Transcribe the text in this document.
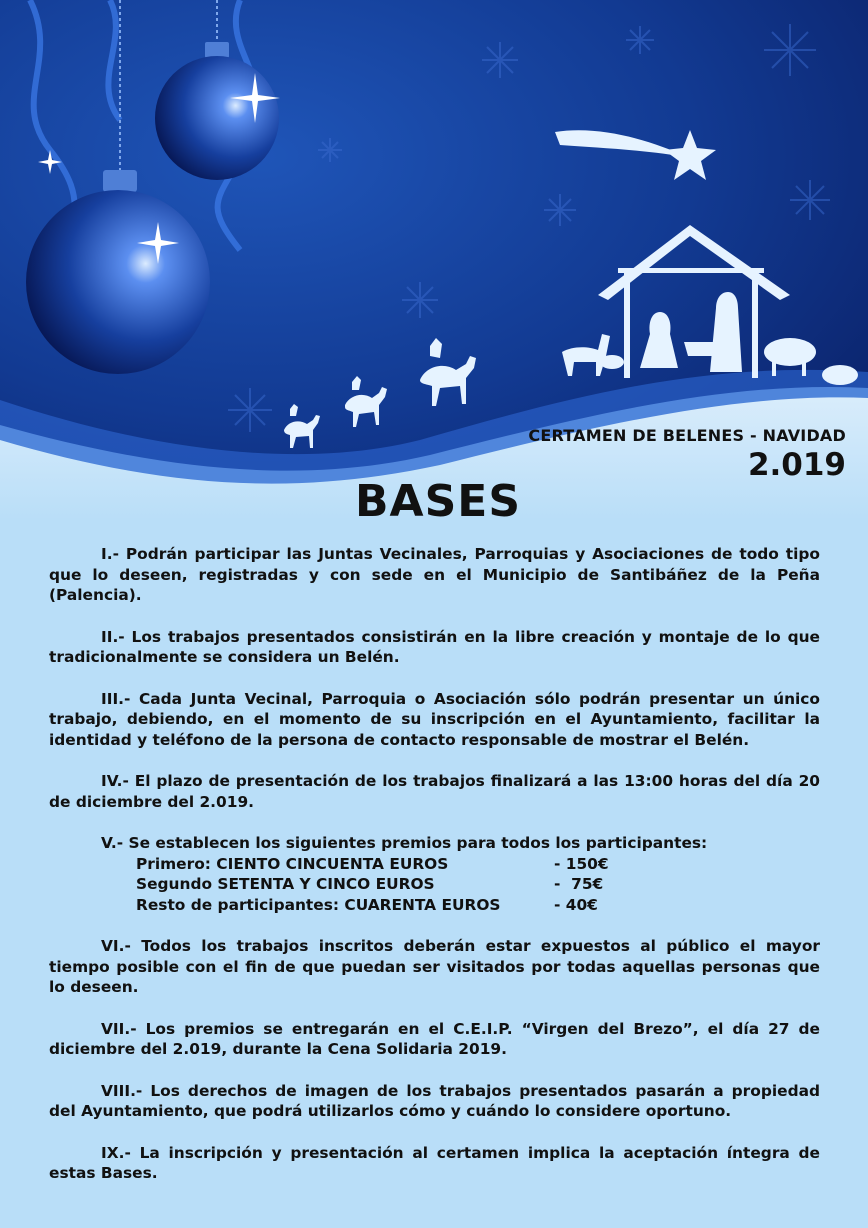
CERTAMEN DE BELENES - NAVIDAD
2.019
BASES

I.- Podrán participar las Juntas Vecinales, Parroquias y Asociaciones de todo tipo que lo deseen, registradas y con sede en el Municipio de Santibáñez de la Peña (Palencia).

II.- Los trabajos presentados consistirán en la libre creación y montaje de lo que tradicionalmente se considera un Belén.

III.- Cada Junta Vecinal, Parroquia o Asociación sólo podrán presentar un único trabajo, debiendo, en el momento de su inscripción en el Ayuntamiento, facilitar la identidad y teléfono de la persona de contacto responsable de mostrar el Belén.

IV.- El plazo de presentación de los trabajos finalizará a las 13:00 horas del día 20 de diciembre del 2.019.

V.- Se establecen los siguientes premios para todos los participantes:
Primero: CIENTO CINCUENTA EUROS	- 150€
Segundo SETENTA Y CINCO EUROS	-  75€
Resto de participantes: CUARENTA EUROS	- 40€

VI.- Todos los trabajos inscritos deberán estar expuestos al público el mayor tiempo posible con el fin de que puedan ser visitados por todas aquellas personas que lo deseen.

VII.- Los premios se entregarán en el C.E.I.P. “Virgen del Brezo”, el día 27 de diciembre del 2.019, durante la Cena Solidaria 2019.

VIII.- Los derechos de imagen de los trabajos presentados pasarán a propiedad del Ayuntamiento, que podrá utilizarlos cómo y cuándo lo considere oportuno.

IX.- La inscripción y presentación al certamen implica la aceptación íntegra de estas Bases.
